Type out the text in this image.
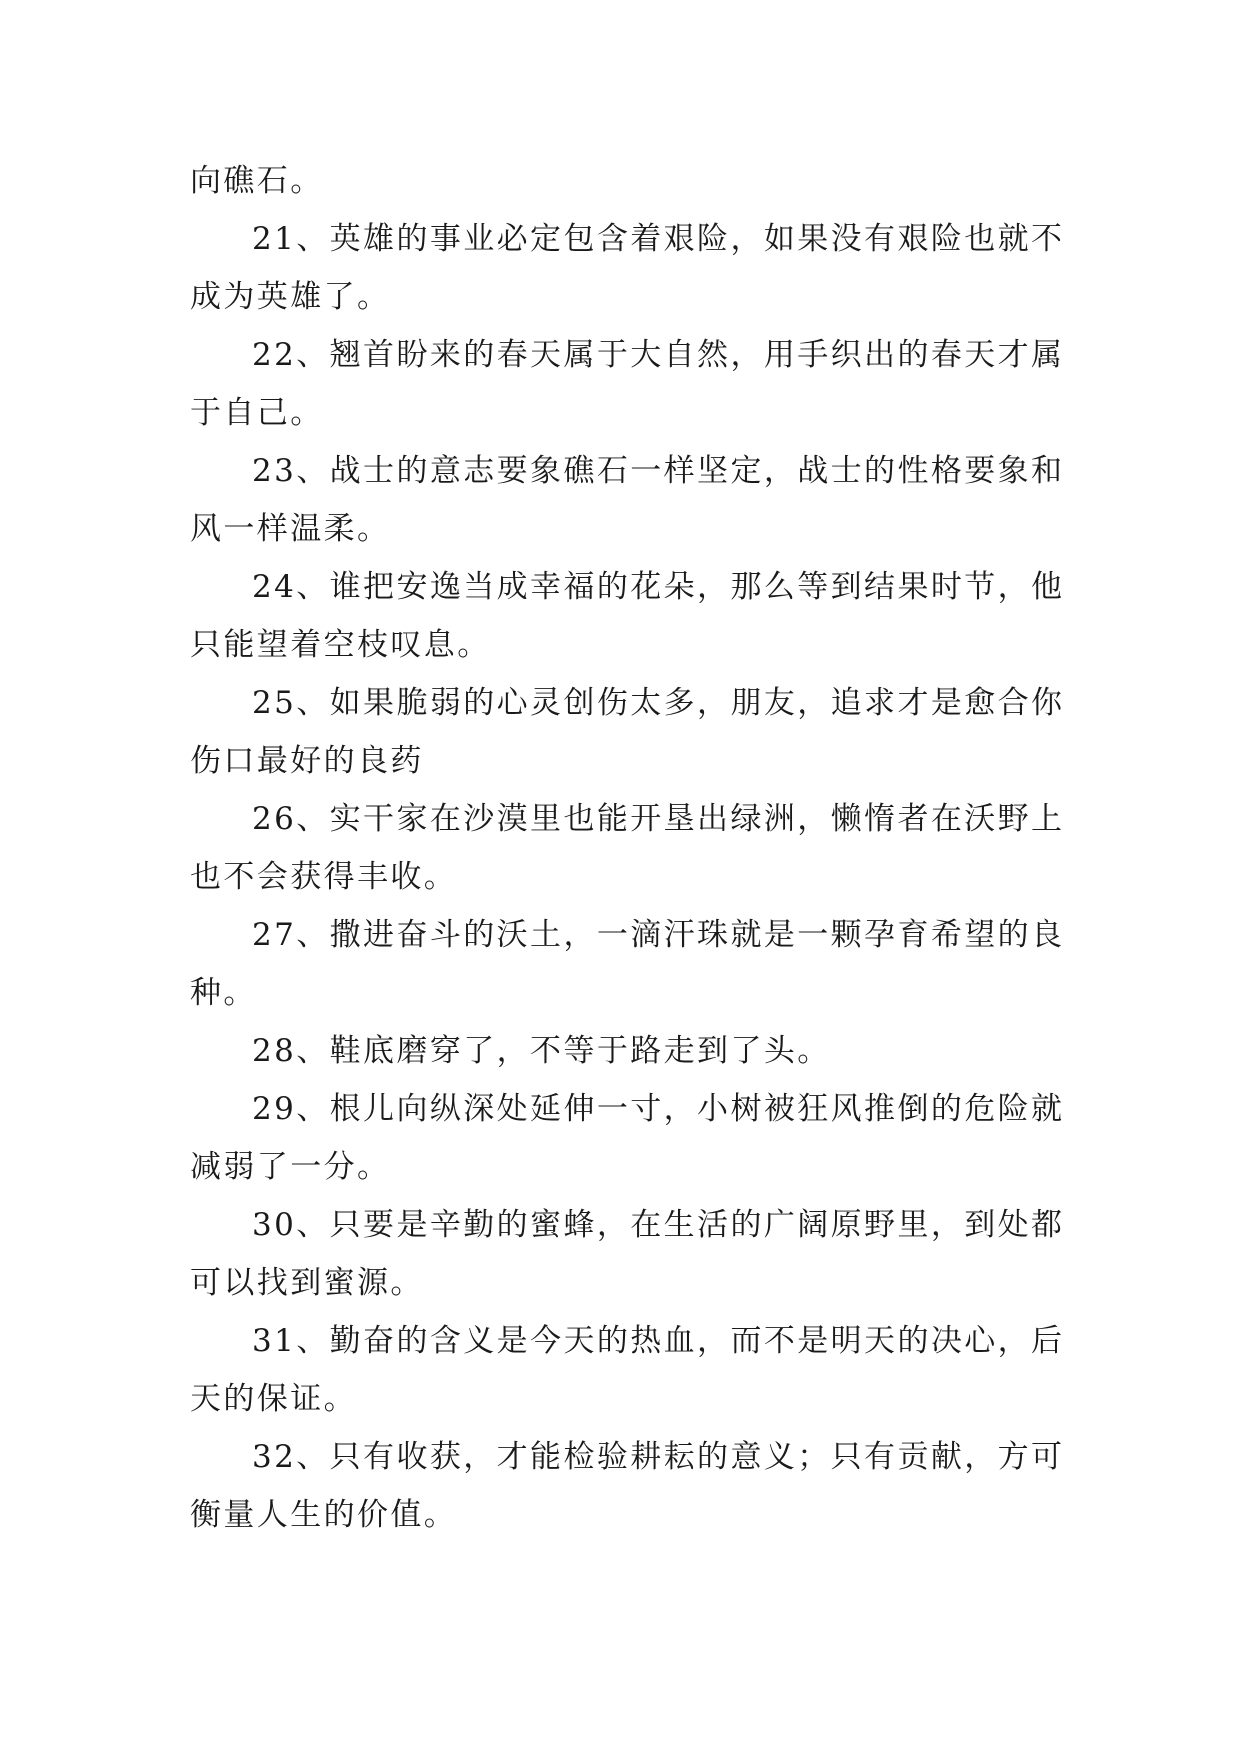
向礁石。
21、英雄的事业必定包含着艰险，如果没有艰险也就不
成为英雄了。
22、翘首盼来的春天属于大自然，用手织出的春天才属
于自己。
23、战士的意志要象礁石一样坚定，战士的性格要象和
风一样温柔。
24、谁把安逸当成幸福的花朵，那么等到结果时节，他
只能望着空枝叹息。
25、如果脆弱的心灵创伤太多，朋友，追求才是愈合你
伤口最好的良药
26、实干家在沙漠里也能开垦出绿洲，懒惰者在沃野上
也不会获得丰收。
27、撒进奋斗的沃土，一滴汗珠就是一颗孕育希望的良
种。
28、鞋底磨穿了，不等于路走到了头。
29、根儿向纵深处延伸一寸，小树被狂风推倒的危险就
减弱了一分。
30、只要是辛勤的蜜蜂，在生活的广阔原野里，到处都
可以找到蜜源。
31、勤奋的含义是今天的热血，而不是明天的决心，后
天的保证。
32、只有收获，才能检验耕耘的意义；只有贡献，方可
衡量人生的价值。
